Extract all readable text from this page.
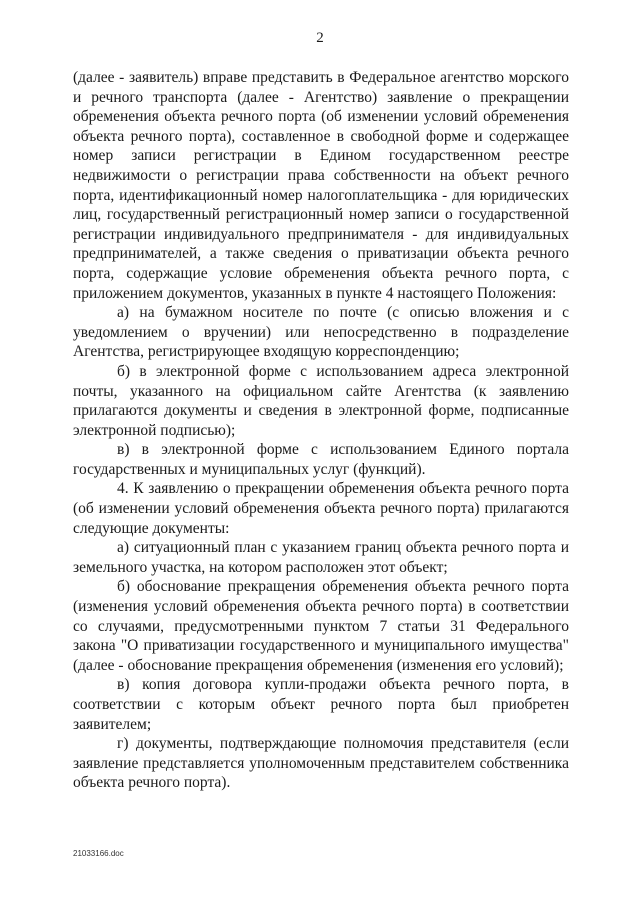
2

(далее - заявитель) вправе представить в Федеральное агентство морского и речного транспорта (далее - Агентство) заявление о прекращении обременения объекта речного порта (об изменении условий обременения объекта речного порта), составленное в свободной форме и содержащее номер записи регистрации в Едином государственном реестре недвижимости о регистрации права собственности на объект речного порта, идентификационный номер налогоплательщика - для юридических лиц, государственный регистрационный номер записи о государственной регистрации индивидуального предпринимателя - для индивидуальных предпринимателей, а также сведения о приватизации объекта речного порта, содержащие условие обременения объекта речного порта, с приложением документов, указанных в пункте 4 настоящего Положения:

а) на бумажном носителе по почте (с описью вложения и с уведомлением о вручении) или непосредственно в подразделение Агентства, регистрирующее входящую корреспонденцию;

б) в электронной форме с использованием адреса электронной почты, указанного на официальном сайте Агентства (к заявлению прилагаются документы и сведения в электронной форме, подписанные электронной подписью);

в) в электронной форме с использованием Единого портала государственных и муниципальных услуг (функций).

4. К заявлению о прекращении обременения объекта речного порта (об изменении условий обременения объекта речного порта) прилагаются следующие документы:

а) ситуационный план с указанием границ объекта речного порта и земельного участка, на котором расположен этот объект;

б) обоснование прекращения обременения объекта речного порта (изменения условий обременения объекта речного порта) в соответствии со случаями, предусмотренными пунктом 7 статьи 31 Федерального закона "О приватизации государственного и муниципального имущества" (далее - обоснование прекращения обременения (изменения его условий);

в) копия договора купли-продажи объекта речного порта, в соответствии с которым объект речного порта был приобретен заявителем;

г) документы, подтверждающие полномочия представителя (если заявление представляется уполномоченным представителем собственника объекта речного порта).

21033166.doc
